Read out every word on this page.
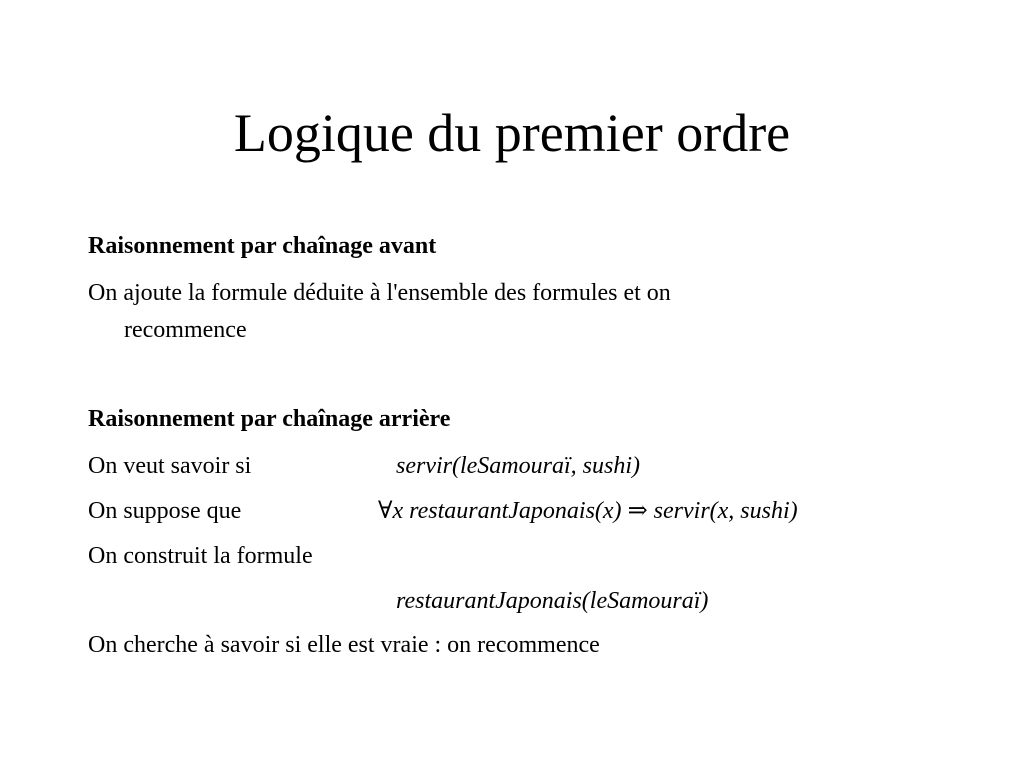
Logique du premier ordre
Raisonnement par chaînage avant
On ajoute la formule déduite à l'ensemble des formules et on
recommence
Raisonnement par chaînage arrière
On veut savoir si	servir(leSamouraï, sushi)
On suppose que	∀x restaurantJaponais(x) ⇒ servir(x, sushi)
On construit la formule
restaurantJaponais(leSamouraï)
On cherche à savoir si elle est vraie : on recommence
